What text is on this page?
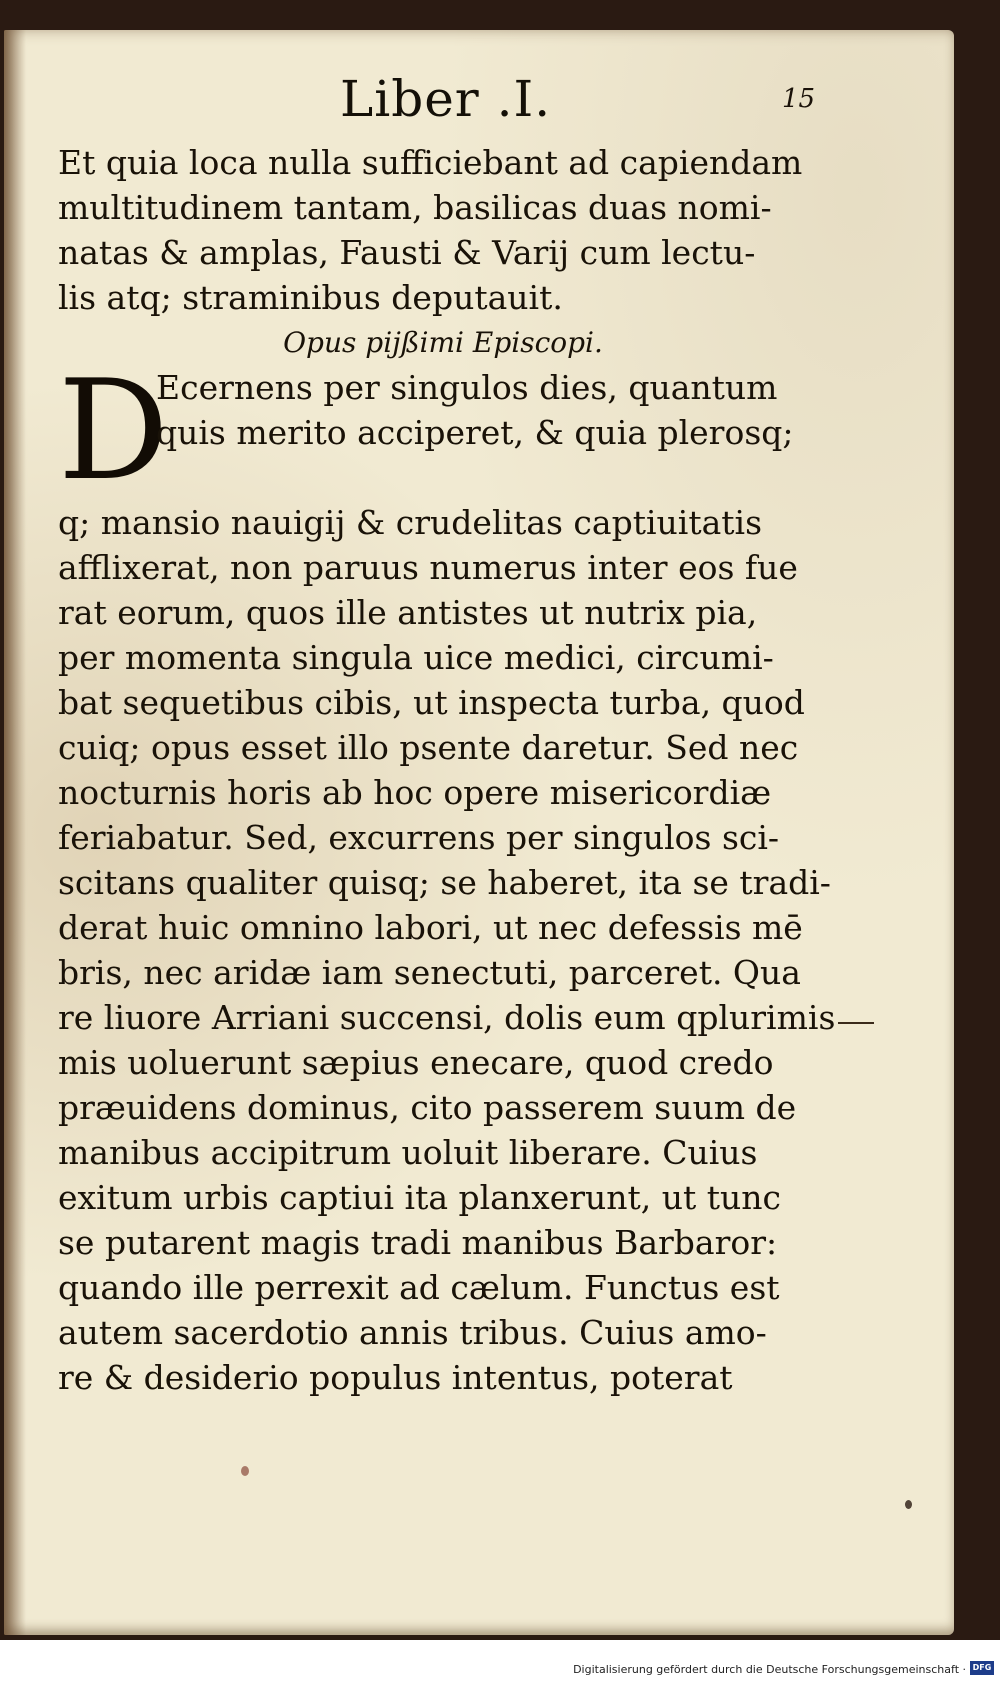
Liber .I.	15

Et quia loca nulla sufficiebant ad capiendam

multitudinem tantam, basilicas duas nomi-

natas & amplas, Fausti & Varij cum lectu-

lis atq; straminibus deputauit.

Opus pijßimi Episcopi.

D

Ecernens per singulos dies, quantum

quis merito acciperet, & quia plerosq;

q; mansio nauigij & crudelitas captiuitatis

afflixerat, non paruus numerus inter eos fue

rat eorum, quos ille antistes ut nutrix pia,

per momenta singula uice medici, circumi-

bat sequetibus cibis, ut inspecta turba, quod

cuiq; opus esset illo psente daretur. Sed nec

nocturnis horis ab hoc opere misericordiæ

feriabatur. Sed, excurrens per singulos sci-

scitans qualiter quisq; se haberet, ita se tradi-

derat huic omnino labori, ut nec defessis mē

bris, nec aridæ iam senectuti, parceret. Qua

re liuore Arriani succensi, dolis eum qplurimis

mis uoluerunt sæpius enecare, quod credo

præuidens dominus, cito passerem suum de

manibus accipitrum uoluit liberare. Cuius

exitum urbis captiui ita planxerunt, ut tunc

se putarent magis tradi manibus Barbaror:

quando ille perrexit ad cælum. Functus est

autem sacerdotio annis tribus. Cuius amo-

re & desiderio populus intentus, poterat

Digitalisierung gefördert durch die Deutsche Forschungsgemeinschaft · DFG
